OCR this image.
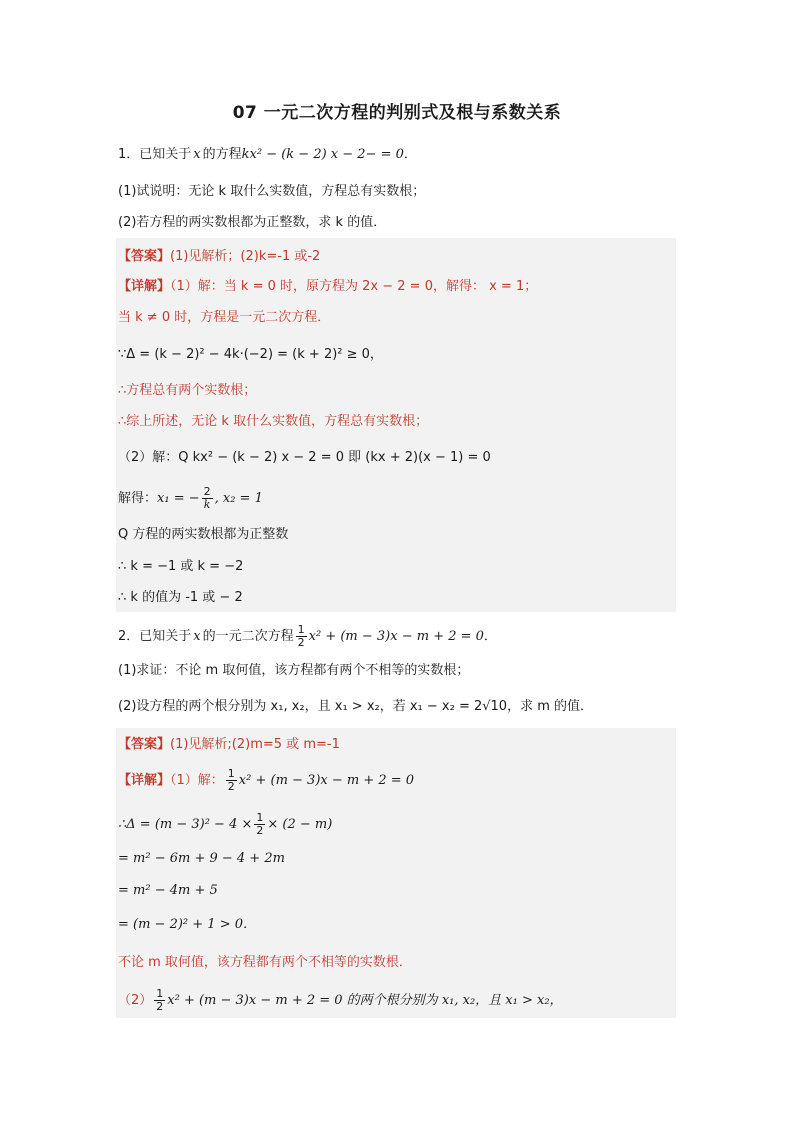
07 一元二次方程的判别式及根与系数关系
1．已知关于 x 的方程kx² − (k − 2) x − 2− = 0．
(1)试说明：无论 k 取什么实数值，方程总有实数根；
(2)若方程的两实数根都为正整数，求 k 的值．
【答案】(1)见解析；(2)k=-1 或-2
【详解】（1）解：当 k = 0 时，原方程为 2x − 2 = 0，解得： x = 1；
当 k ≠ 0 时，方程是一元二次方程．
∵Δ = (k − 2)² − 4k·(−2) = (k + 2)² ≥ 0，
∴方程总有两个实数根；
∴综上所述，无论 k 取什么实数值，方程总有实数根；
（2）解：Q kx² − (k − 2) x − 2 = 0 即 (kx + 2)(x − 1) = 0
解得：x₁ = − $\frac{2}{k}$ , x₂ = 1
Q 方程的两实数根都为正整数
∴ k = −1 或 k = −2
∴ k 的值为 -1 或 − 2
2．已知关于 x 的一元二次方程 $\frac{1}{2} x^2 + (m - 3)x - m + 2 = 0$．
(1)求证：不论 m 取何值，该方程都有两个不相等的实数根；
(2)设方程的两个根分别为 x₁, x₂，且 x₁ > x₂，若 x₁ − x₂ = 2√10，求 m 的值．
【答案】(1)见解析;(2)m=5 或 m=-1
【详解】（1）解： $\frac{1}{2} x^2 + (m - 3)x - m + 2 = 0$
∴Δ = $(m - 3)^2 - 4 \times \frac{1}{2} \times (2 - m)$
= m² − 6m + 9 − 4 + 2m
= m² − 4m + 5
= (m − 2)² + 1 > 0．
不论 m 取何值，该方程都有两个不相等的实数根．
$(2) \frac{1}{2} x^2 + (m - 3)x - m + 2 = 0$ 的两个根分别为 x₁, x₂，且 x₁ > x₂，
